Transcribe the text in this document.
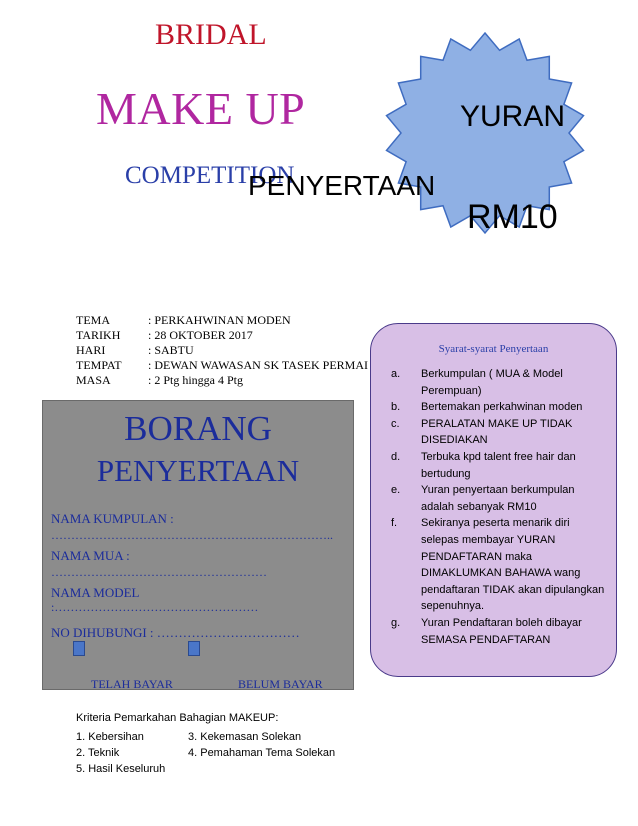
BRIDAL
MAKE UP
COMPETITION
YURAN
RM10
PENYERTAAN
TEMA	: PERKAHWINAN MODEN
TARIKH	: 28 OKTOBER 2017
HARI	: SABTU
TEMPAT	: DEWAN WAWASAN SK TASEK PERMAI
MASA	: 2 Ptg hingga 4 Ptg
BORANG
PENYERTAAN
NAMA KUMPULAN :
……………………………………………………………..
NAMA MUA :
………………………………………………
NAMA MODEL
:……………………………………………
NO DIHUBUNGI : ……………………………
TELAH BAYAR	BELUM BAYAR
Syarat-syarat Penyertaan
a.	Berkumpulan ( MUA & Model Perempuan)
b.	Bertemakan perkahwinan moden
c.	PERALATAN MAKE UP TIDAK DISEDIAKAN
d.	Terbuka kpd talent free hair dan bertudung
e.	Yuran penyertaan berkumpulan adalah sebanyak RM10
f.	Sekiranya peserta menarik diri selepas membayar YURAN PENDAFTARAN maka DIMAKLUMKAN BAHAWA wang pendaftaran TIDAK akan dipulangkan sepenuhnya.
g.	Yuran Pendaftaran boleh dibayar SEMASA PENDAFTARAN
Kriteria Pemarkahan Bahagian MAKEUP:
1. Kebersihan	3. Kekemasan Solekan
2. Teknik	4. Pemahaman Tema Solekan
5. Hasil Keseluruh
